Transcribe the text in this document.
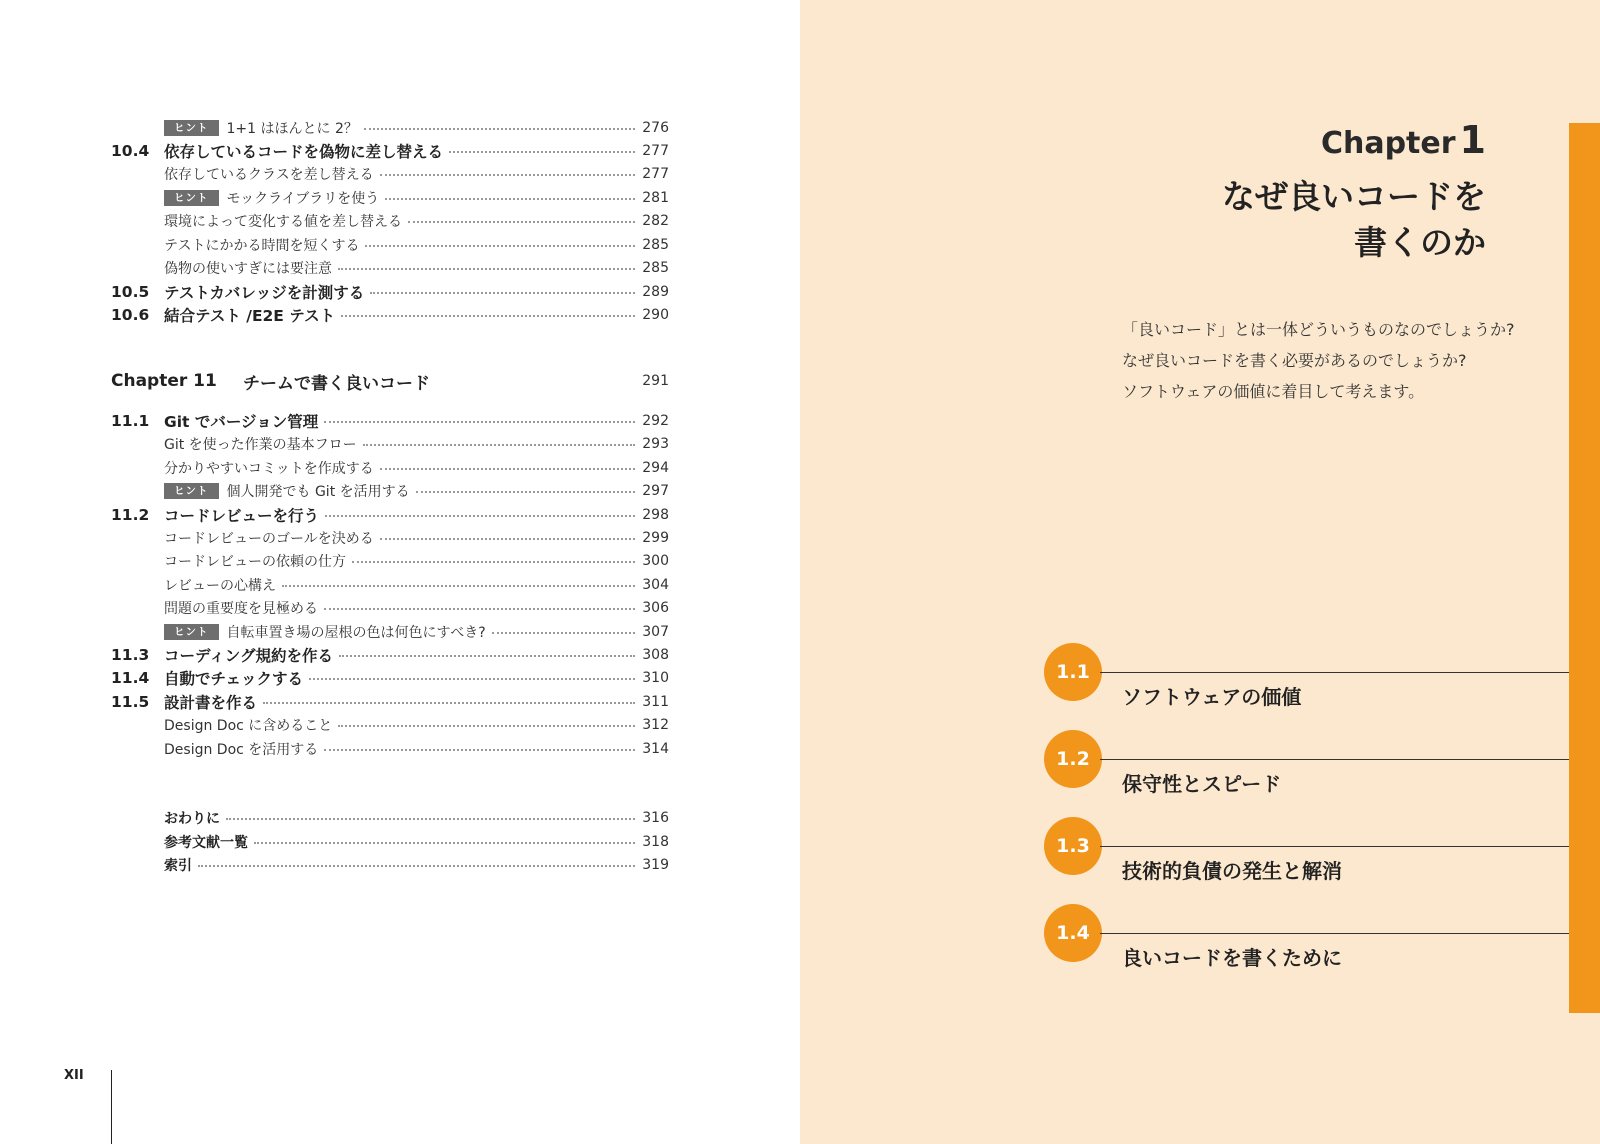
ヒント	1+1 はほんとに 2？	276
10.4 依存しているコードを偽物に差し替える	277
依存しているクラスを差し替える	277
ヒント	モックライブラリを使う	281
環境によって変化する値を差し替える	282
テストにかかる時間を短くする	285
偽物の使いすぎには要注意	285
10.5 テストカバレッジを計測する	289
10.6 結合テスト /E2E テスト	290
Chapter 11	チームで書く良いコード	291
11.1 Git でバージョン管理	292
Git を使った作業の基本フロー	293
分かりやすいコミットを作成する	294
ヒント	個人開発でも Git を活用する	297
11.2 コードレビューを行う	298
コードレビューのゴールを決める	299
コードレビューの依頼の仕方	300
レビューの心構え	304
問題の重要度を見極める	306
ヒント	自転車置き場の屋根の色は何色にすべき?	307
11.3 コーディング規約を作る	308
11.4 自動でチェックする	310
11.5 設計書を作る	311
Design Doc に含めること	312
Design Doc を活用する	314
おわりに	316
参考文献一覧	318
索引	319
XII
Chapter 1
なぜ良いコードを
書くのか
「良いコード」とは一体どういうものなのでしょうか?
なぜ良いコードを書く必要があるのでしょうか?
ソフトウェアの価値に着目して考えます。
1.1
ソフトウェアの価値
1.2
保守性とスピード
1.3
技術的負債の発生と解消
1.4
良いコードを書くために
